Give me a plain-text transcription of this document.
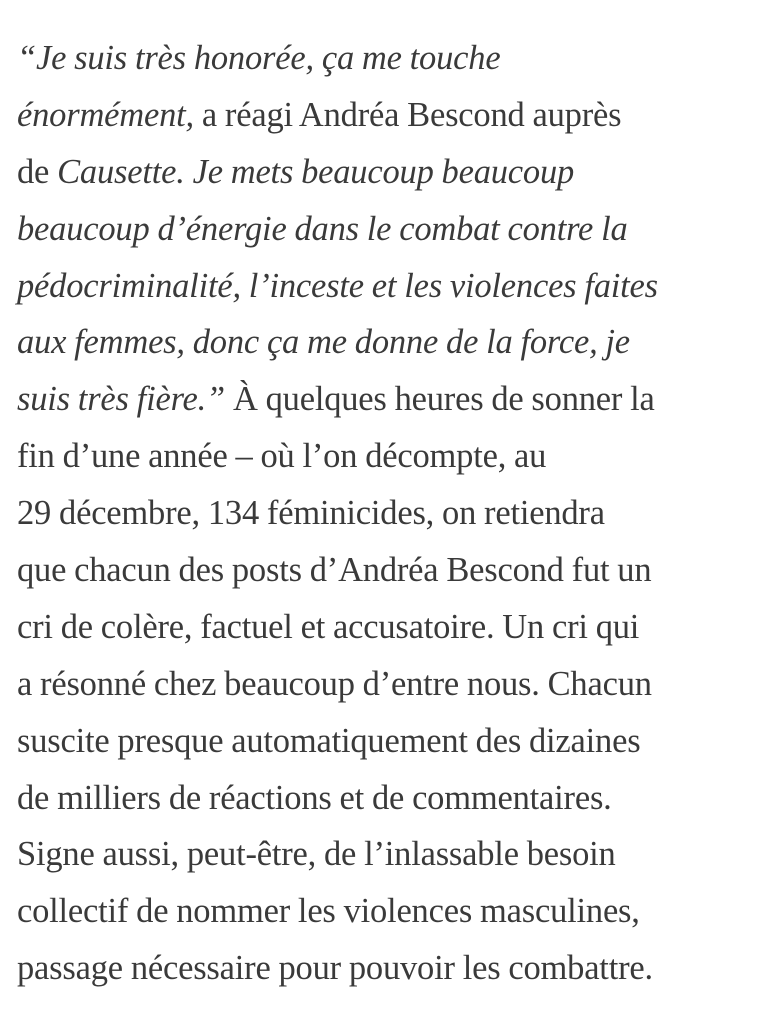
“Je suis très honorée, ça me touche
énormément, a réagi Andréa Bescond auprès
de Causette. Je mets beaucoup beaucoup
beaucoup d’énergie dans le combat contre la
pédocriminalité, l’inceste et les violences faites
aux femmes, donc ça me donne de la force, je
suis très fière.” À quelques heures de sonner la
fin d’une année – où l’on décompte, au
29 décembre, 134 féminicides, on retiendra
que chacun des posts d’Andréa Bescond fut un
cri de colère, factuel et accusatoire. Un cri qui
a résonné chez beaucoup d’entre nous. Chacun
suscite presque automatiquement des dizaines
de milliers de réactions et de commentaires.
Signe aussi, peut-être, de l’inlassable besoin
collectif de nommer les violences masculines,
passage nécessaire pour pouvoir les combattre.
